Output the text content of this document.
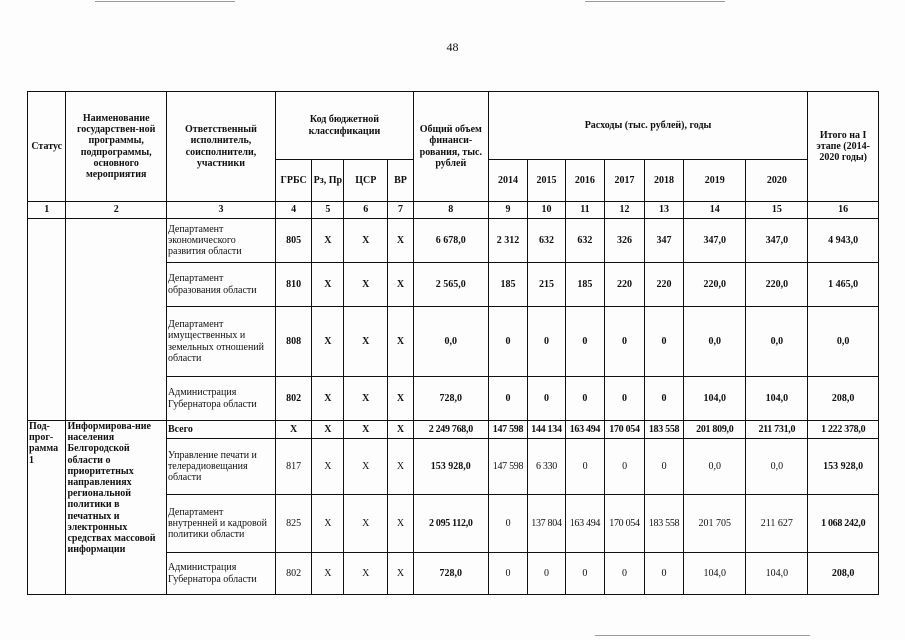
48
Статус	Наименование государствен-ной программы, подпрограммы, основного мероприятия	Ответственный исполнитель, соисполнители, участники	Код бюджетной классификации				Общий объем финанси-рования, тыс. рублей	Расходы (тыс. рублей), годы							Итого на I этапе (2014-2020 годы)
			ГРБС	Рз, Пр	ЦСР	ВР		2014	2015	2016	2017	2018	2019	2020	
1	2	3	4	5	6	7	8	9	10	11	12	13	14	15	16
		Департамент экономического развития области	805	Х	Х	Х	6 678,0	2 312	632	632	326	347	347,0	347,0	4 943,0
		Департамент образования области	810	Х	Х	Х	2 565,0	185	215	185	220	220	220,0	220,0	1 465,0
		Департамент имущественных и земельных отношений области	808	Х	Х	Х	0,0	0	0	0	0	0	0,0	0,0	0,0
		Администрация Губернатора области	802	Х	Х	Х	728,0	0	0	0	0	0	104,0	104,0	208,0
Под-прог-рамма 1	Информирова-ние населения Белгородской области о приоритетных направлениях региональной политики в печатных и электронных средствах массовой информации	Всего	Х	Х	Х	Х	2 249 768,0	147 598	144 134	163 494	170 054	183 558	201 809,0	211 731,0	1 222 378,0
		Управление печати и телерадиовещания области	817	Х	Х	Х	153 928,0	147 598	6 330	0	0	0	0,0	0,0	153 928,0
		Департамент внутренней и кадровой политики области	825	Х	Х	Х	2 095 112,0	0	137 804	163 494	170 054	183 558	201 705	211 627	1 068 242,0
		Администрация Губернатора области	802	Х	Х	Х	728,0	0	0	0	0	0	104,0	104,0	208,0
